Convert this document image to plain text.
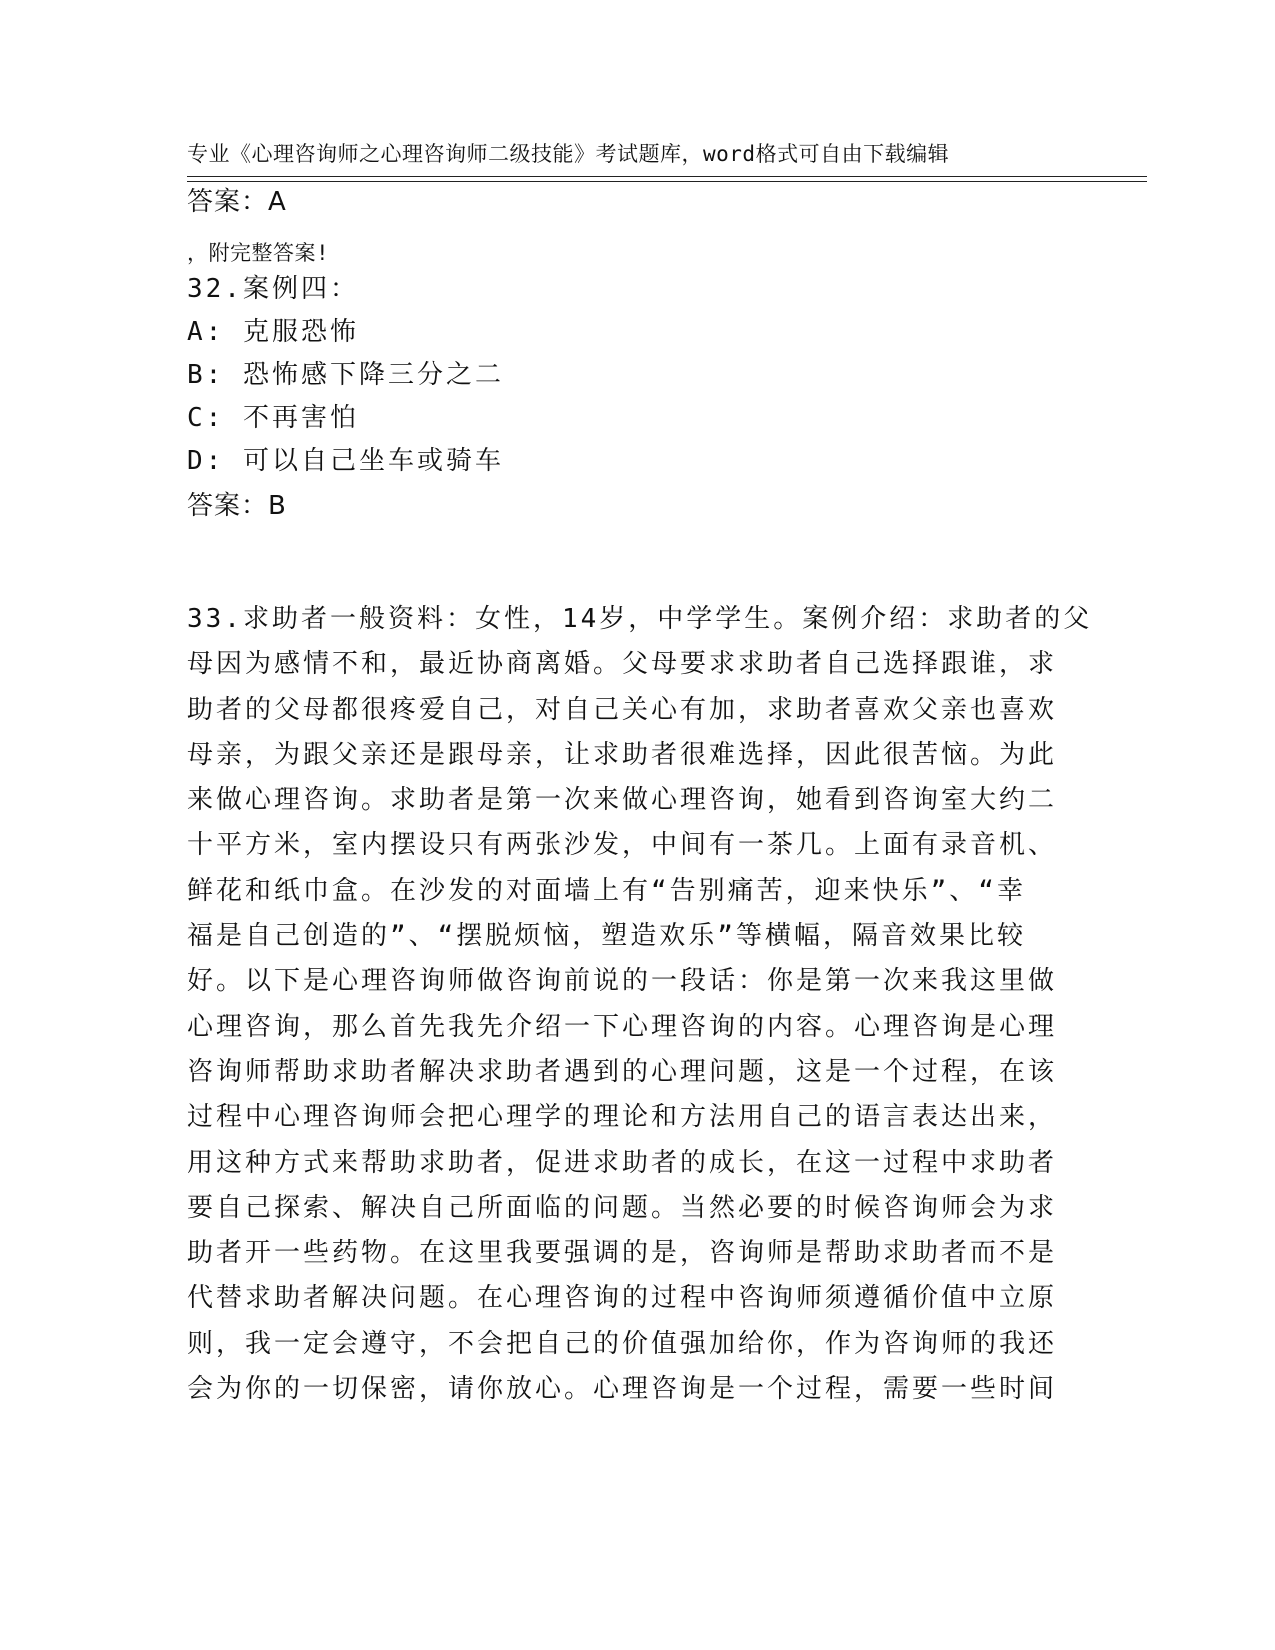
专业《心理咨询师之心理咨询师二级技能》考试题库，word格式可自由下载编辑

，附完整答案!

答案：A
32.案例四：
A: 克服恐怖
B: 恐怖感下降三分之二
C: 不再害怕
D: 可以自己坐车或骑车
答案：B
33.求助者一般资料：女性，14岁，中学学生。案例介绍：求助者的父
母因为感情不和，最近协商离婚。父母要求求助者自己选择跟谁，求
助者的父母都很疼爱自己，对自己关心有加，求助者喜欢父亲也喜欢
母亲，为跟父亲还是跟母亲，让求助者很难选择，因此很苦恼。为此
来做心理咨询。求助者是第一次来做心理咨询，她看到咨询室大约二
十平方米，室内摆设只有两张沙发，中间有一茶几。上面有录音机、
鲜花和纸巾盒。在沙发的对面墙上有“告别痛苦，迎来快乐”、“幸
福是自己创造的”、“摆脱烦恼，塑造欢乐”等横幅，隔音效果比较
好。以下是心理咨询师做咨询前说的一段话：你是第一次来我这里做
心理咨询，那么首先我先介绍一下心理咨询的内容。心理咨询是心理
咨询师帮助求助者解决求助者遇到的心理问题，这是一个过程，在该
过程中心理咨询师会把心理学的理论和方法用自己的语言表达出来，
用这种方式来帮助求助者，促进求助者的成长，在这一过程中求助者
要自己探索、解决自己所面临的问题。当然必要的时候咨询师会为求
助者开一些药物。在这里我要强调的是，咨询师是帮助求助者而不是
代替求助者解决问题。在心理咨询的过程中咨询师须遵循价值中立原
则，我一定会遵守，不会把自己的价值强加给你，作为咨询师的我还
会为你的一切保密，请你放心。心理咨询是一个过程，需要一些时间
